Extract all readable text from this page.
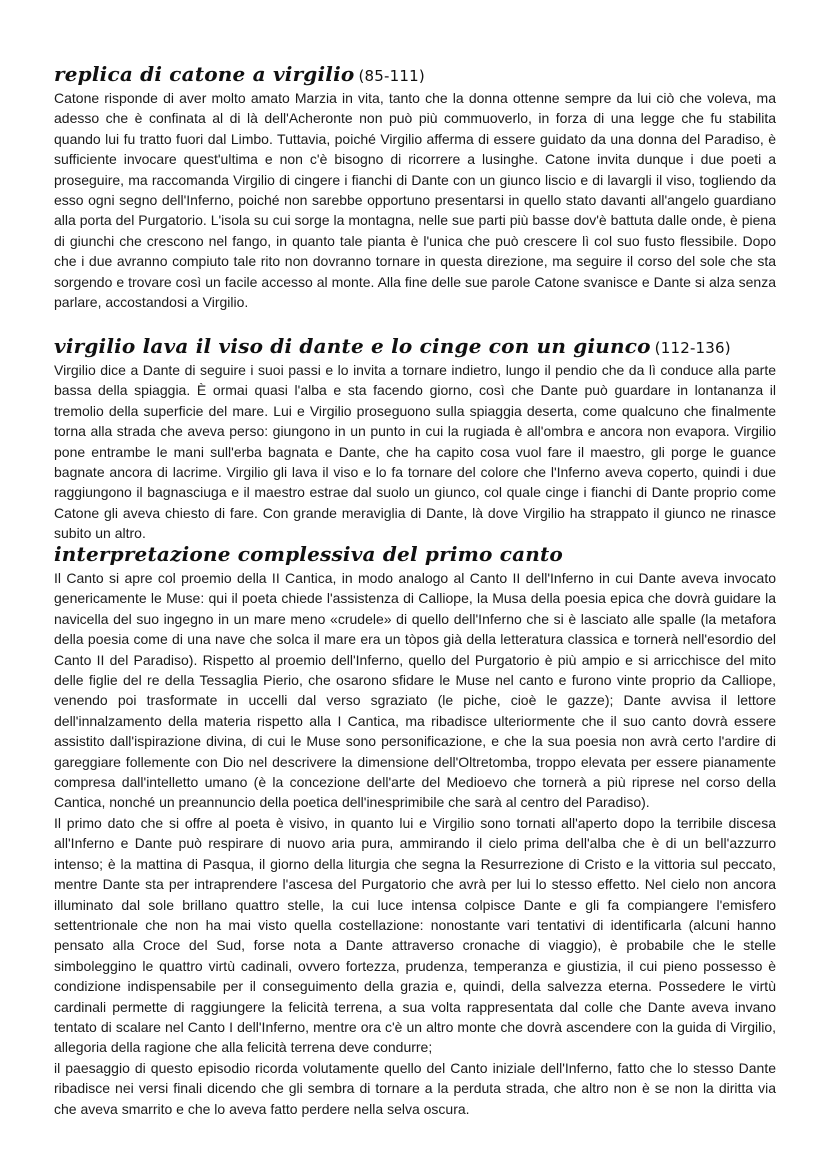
replica di catone a virgilio (85-111)

Catone risponde di aver molto amato Marzia in vita, tanto che la donna ottenne sempre da lui ciò che voleva, ma adesso che è confinata al di là dell'Acheronte non può più commuoverlo, in forza di una legge che fu stabilita quando lui fu tratto fuori dal Limbo. Tuttavia, poiché Virgilio afferma di essere guidato da una donna del Paradiso, è sufficiente invocare quest'ultima e non c'è bisogno di ricorrere a lusinghe. Catone invita dunque i due poeti a proseguire, ma raccomanda Virgilio di cingere i fianchi di Dante con un giunco liscio e di lavargli il viso, togliendo da esso ogni segno dell'Inferno, poiché non sarebbe opportuno presentarsi in quello stato davanti all'angelo guardiano alla porta del Purgatorio. L'isola su cui sorge la montagna, nelle sue parti più basse dov'è battuta dalle onde, è piena di giunchi che crescono nel fango, in quanto tale pianta è l'unica che può crescere lì col suo fusto flessibile. Dopo che i due avranno compiuto tale rito non dovranno tornare in questa direzione, ma seguire il corso del sole che sta sorgendo e trovare così un facile accesso al monte. Alla fine delle sue parole Catone svanisce e Dante si alza senza parlare, accostandosi a Virgilio.

virgilio lava il viso di dante e lo cinge con un giunco (112-136)

Virgilio dice a Dante di seguire i suoi passi e lo invita a tornare indietro, lungo il pendio che da lì conduce alla parte bassa della spiaggia. È ormai quasi l'alba e sta facendo giorno, così che Dante può guardare in lontananza il tremolio della superficie del mare. Lui e Virgilio proseguono sulla spiaggia deserta, come qualcuno che finalmente torna alla strada che aveva perso: giungono in un punto in cui la rugiada è all'ombra e ancora non evapora. Virgilio pone entrambe le mani sull'erba bagnata e Dante, che ha capito cosa vuol fare il maestro, gli porge le guance bagnate ancora di lacrime. Virgilio gli lava il viso e lo fa tornare del colore che l'Inferno aveva coperto, quindi i due raggiungono il bagnasciuga e il maestro estrae dal suolo un giunco, col quale cinge i fianchi di Dante proprio come Catone gli aveva chiesto di fare. Con grande meraviglia di Dante, là dove Virgilio ha strappato il giunco ne rinasce subito un altro.

interpretazione complessiva del primo canto

Il Canto si apre col proemio della II Cantica, in modo analogo al Canto II dell'Inferno in cui Dante aveva invocato genericamente le Muse: qui il poeta chiede l'assistenza di Calliope, la Musa della poesia epica che dovrà guidare la navicella del suo ingegno in un mare meno «crudele» di quello dell'Inferno che si è lasciato alle spalle (la metafora della poesia come di una nave che solca il mare era un tòpos già della letteratura classica e tornerà nell'esordio del Canto II del Paradiso). Rispetto al proemio dell'Inferno, quello del Purgatorio è più ampio e si arricchisce del mito delle figlie del re della Tessaglia Pierio, che osarono sfidare le Muse nel canto e furono vinte proprio da Calliope, venendo poi trasformate in uccelli dal verso sgraziato (le piche, cioè le gazze); Dante avvisa il lettore dell'innalzamento della materia rispetto alla I Cantica, ma ribadisce ulteriormente che il suo canto dovrà essere assistito dall'ispirazione divina, di cui le Muse sono personificazione, e che la sua poesia non avrà certo l'ardire di gareggiare follemente con Dio nel descrivere la dimensione dell'Oltretomba, troppo elevata per essere pianamente compresa dall'intelletto umano (è la concezione dell'arte del Medioevo che tornerà a più riprese nel corso della Cantica, nonché un preannuncio della poetica dell'inesprimibile che sarà al centro del Paradiso).

Il primo dato che si offre al poeta è visivo, in quanto lui e Virgilio sono tornati all'aperto dopo la terribile discesa all'Inferno e Dante può respirare di nuovo aria pura, ammirando il cielo prima dell'alba che è di un bell'azzurro intenso; è la mattina di Pasqua, il giorno della liturgia che segna la Resurrezione di Cristo e la vittoria sul peccato, mentre Dante sta per intraprendere l'ascesa del Purgatorio che avrà per lui lo stesso effetto. Nel cielo non ancora illuminato dal sole brillano quattro stelle, la cui luce intensa colpisce Dante e gli fa compiangere l'emisfero settentrionale che non ha mai visto quella costellazione: nonostante vari tentativi di identificarla (alcuni hanno pensato alla Croce del Sud, forse nota a Dante attraverso cronache di viaggio), è probabile che le stelle simboleggino le quattro virtù cadinali, ovvero fortezza, prudenza, temperanza e giustizia, il cui pieno possesso è condizione indispensabile per il conseguimento della grazia e, quindi, della salvezza eterna. Possedere le virtù cardinali permette di raggiungere la felicità terrena, a sua volta rappresentata dal colle che Dante aveva invano tentato di scalare nel Canto I dell'Inferno, mentre ora c'è un altro monte che dovrà ascendere con la guida di Virgilio, allegoria della ragione che alla felicità terrena deve condurre;

il paesaggio di questo episodio ricorda volutamente quello del Canto iniziale dell'Inferno, fatto che lo stesso Dante ribadisce nei versi finali dicendo che gli sembra di tornare a la perduta strada, che altro non è se non la diritta via che aveva smarrito e che lo aveva fatto perdere nella selva oscura.
